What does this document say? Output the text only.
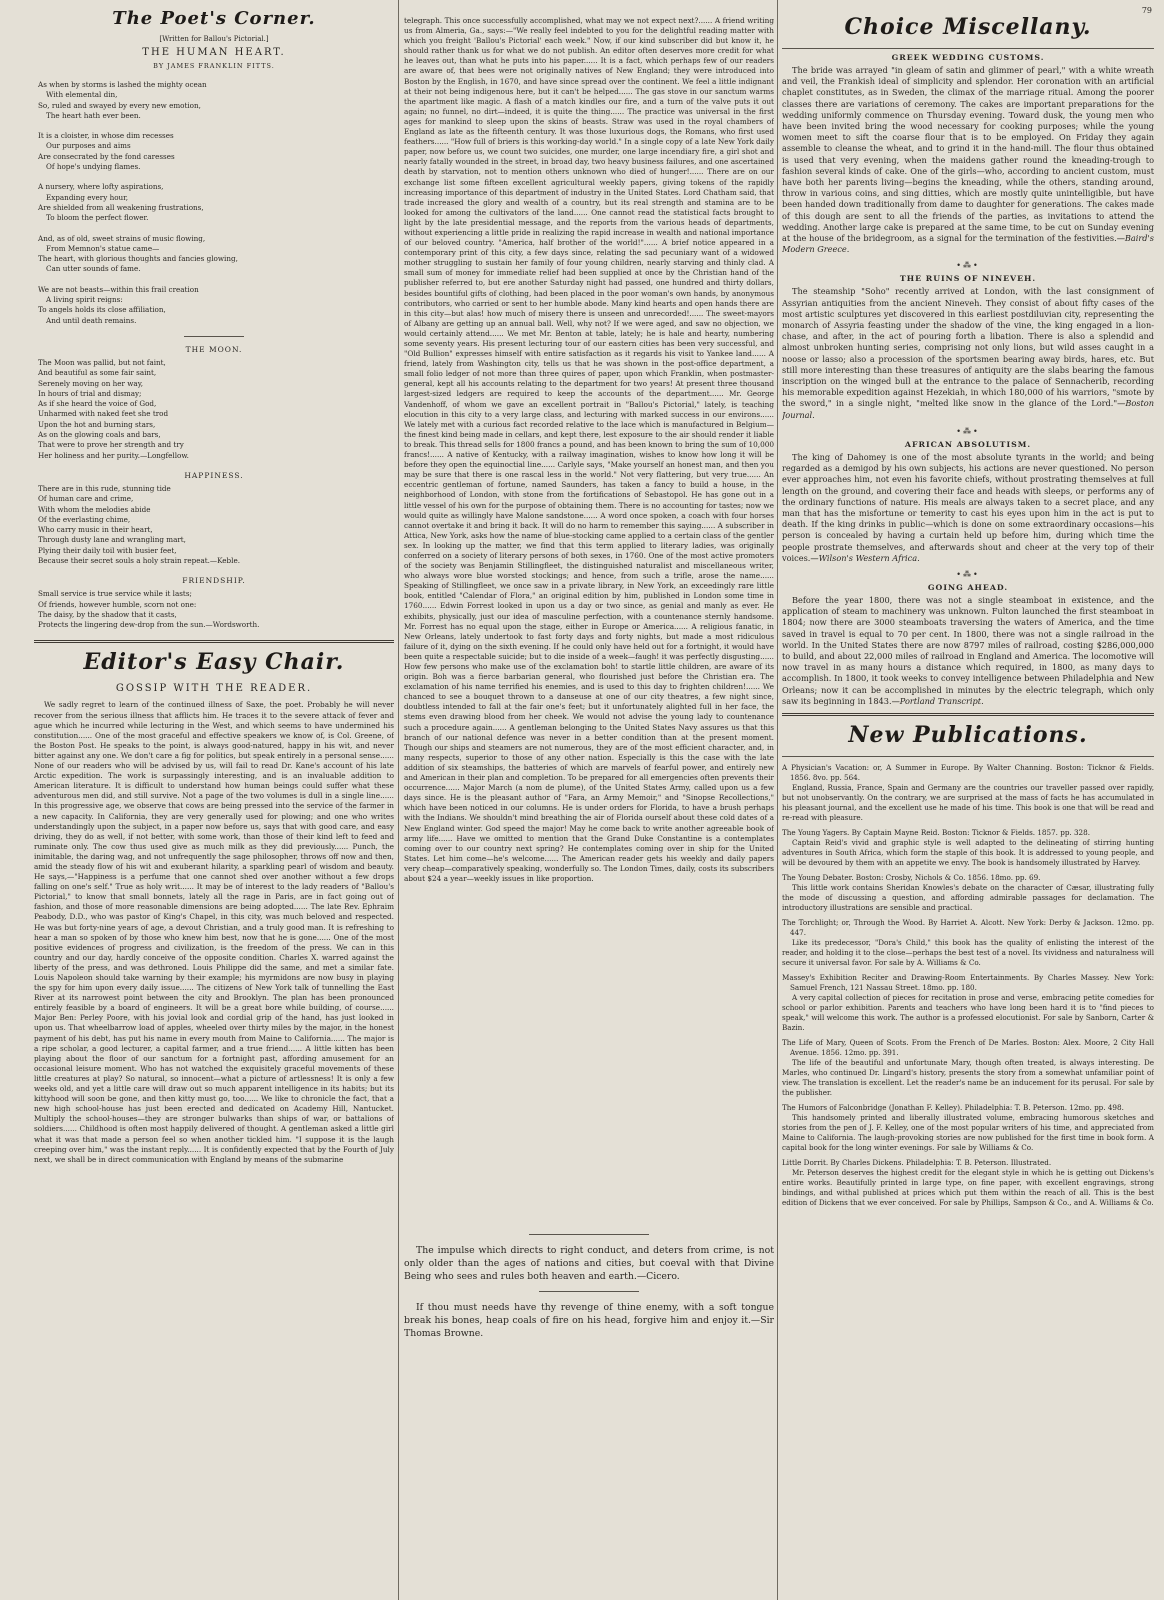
79
The Poet's Corner.
[Written for Ballou's Pictorial.]
THE HUMAN HEART.
BY JAMES FRANKLIN FITTS.
As when by storms is lashed the mighty ocean
With elemental din,
So, ruled and swayed by every new emotion,
The heart hath ever been.
It is a cloister, in whose dim recesses
Our purposes and aims
Are consecrated by the fond caresses
Of hope's undying flames.
A nursery, where lofty aspirations,
Expanding every hour,
Are shielded from all weakening frustrations,
To bloom the perfect flower.
And, as of old, sweet strains of music flowing,
From Memnon's statue came—
The heart, with glorious thoughts and fancies glowing,
Can utter sounds of fame.
We are not beasts—within this frail creation
A living spirit reigns:
To angels holds its close affiliation,
And until death remains.
THE MOON.
The Moon was pallid, but not faint,
And beautiful as some fair saint,
Serenely moving on her way,
In hours of trial and dismay;
As if she heard the voice of God,
Unharmed with naked feet she trod
Upon the hot and burning stars,
As on the glowing coals and bars,
That were to prove her strength and try
Her holiness and her purity.—Longfellow.
HAPPINESS.
There are in this rude, stunning tide
Of human care and crime,
With whom the melodies abide
Of the everlasting chime,
Who carry music in their heart,
Through dusty lane and wrangling mart,
Plying their daily toil with busier feet,
Because their secret souls a holy strain repeat.—Keble.
FRIENDSHIP.
Small service is true service while it lasts;
Of friends, however humble, scorn not one:
The daisy, by the shadow that it casts,
Protects the lingering dew-drop from the sun.—Wordsworth.
Editor's Easy Chair.
GOSSIP WITH THE READER.

We sadly regret to learn of the continued illness of Saxe, the poet. Probably he will never recover from the serious illness that afflicts him. He traces it to the severe attack of fever and ague which he incurred while lecturing in the West, and which seems to have undermined his constitution...... One of the most graceful and effective speakers we know of, is Col. Greene, of the Boston Post. He speaks to the point, is always good-natured, happy in his wit, and never bitter against any one. We don't care a fig for politics, but speak entirely in a personal sense...... None of our readers who will be advised by us, will fail to read Dr. Kane's account of his late Arctic expedition. The work is surpassingly interesting, and is an invaluable addition to American literature. It is difficult to understand how human beings could suffer what these adventurous men did, and still survive. Not a page of the two volumes is dull in a single line...... In this progressive age, we observe that cows are being pressed into the service of the farmer in a new capacity. In California, they are very generally used for plowing; and one who writes understandingly upon the subject, in a paper now before us, says that with good care, and easy driving, they do as well, if not better, with some work, than those of their kind left to feed and ruminate only. The cow thus used give as much milk as they did previously...... Punch, the inimitable, the daring wag, and not unfrequently the sage philosopher, throws off now and then, amid the steady flow of his wit and exuberant hilarity, a sparkling pearl of wisdom and beauty. He says,—"Happiness is a perfume that one cannot shed over another without a few drops falling on one's self." True as holy writ...... It may be of interest to the lady readers of "Ballou's Pictorial," to know that small bonnets, lately all the rage in Paris, are in fact going out of fashion, and those of more reasonable dimensions are being adopted...... The late Rev. Ephraim Peabody, D.D., who was pastor of King's Chapel, in this city, was much beloved and respected. He was but forty-nine years of age, a devout Christian, and a truly good man. It is refreshing to hear a man so spoken of by those who knew him best, now that he is gone...... One of the most positive evidences of progress and civilization, is the freedom of the press. We can in this country and our day, hardly conceive of the opposite condition. Charles X. warred against the liberty of the press, and was dethroned. Louis Philippe did the same, and met a similar fate. Louis Napoleon should take warning by their example; his myrmidons are now busy in playing the spy for him upon every daily issue...... The citizens of New York talk of tunnelling the East River at its narrowest point between the city and Brooklyn. The plan has been pronounced entirely feasible by a board of engineers. It will be a great bore while building, of course...... Major Ben: Perley Poore, with his jovial look and cordial grip of the hand, has just looked in upon us. That wheelbarrow load of apples, wheeled over thirty miles by the major, in the honest payment of his debt, has put his name in every mouth from Maine to California...... The major is a ripe scholar, a good lecturer, a capital farmer, and a true friend...... A little kitten has been playing about the floor of our sanctum for a fortnight past, affording amusement for an occasional leisure moment. Who has not watched the exquisitely graceful movements of these little creatures at play? So natural, so innocent—what a picture of artlessness! It is only a few weeks old, and yet a little care will draw out so much apparent intelligence in its habits; but its kittyhood will soon be gone, and then kitty must go, too...... We like to chronicle the fact, that a new high school-house has just been erected and dedicated on Academy Hill, Nantucket. Multiply the school-houses—they are stronger bulwarks than ships of war, or battalions of soldiers...... Childhood is often most happily delivered of thought. A gentleman asked a little girl what it was that made a person feel so when another tickled him. "I suppose it is the laugh creeping over him," was the instant reply...... It is confidently expected that by the Fourth of July next, we shall be in direct communication with England by means of the submarine

telegraph. This once successfully accomplished, what may we not expect next?...... A friend writing us from Almeria, Ga., says:—"We really feel indebted to you for the delightful reading matter with which you freight 'Ballou's Pictorial' each week." Now, if our kind subscriber did but know it, he should rather thank us for what we do not publish. An editor often deserves more credit for what he leaves out, than what he puts into his paper...... It is a fact, which perhaps few of our readers are aware of, that bees were not originally natives of New England; they were introduced into Boston by the English, in 1670, and have since spread over the continent. We feel a little indignant at their not being indigenous here, but it can't be helped...... The gas stove in our sanctum warms the apartment like magic. A flash of a match kindles our fire, and a turn of the valve puts it out again; no funnel, no dirt—indeed, it is quite the thing...... The practice was universal in the first ages for mankind to sleep upon the skins of beasts. Straw was used in the royal chambers of England as late as the fifteenth century. It was those luxurious dogs, the Romans, who first used feathers...... "How full of briers is this working-day world." In a single copy of a late New York daily paper, now before us, we count two suicides, one murder, one large incendiary fire, a girl shot and nearly fatally wounded in the street, in broad day, two heavy business failures, and one ascertained death by starvation, not to mention others unknown who died of hunger!...... There are on our exchange list some fifteen excellent agricultural weekly papers, giving tokens of the rapidly increasing importance of this department of industry in the United States. Lord Chatham said, that trade increased the glory and wealth of a country, but its real strength and stamina are to be looked for among the cultivators of the land...... One cannot read the statistical facts brought to light by the late presidential message, and the reports from the various heads of departments, without experiencing a little pride in realizing the rapid increase in wealth and national importance of our beloved country. "America, half brother of the world!"...... A brief notice appeared in a contemporary print of this city, a few days since, relating the sad pecuniary want of a widowed mother struggling to sustain her family of four young children, nearly starving and thinly clad. A small sum of money for immediate relief had been supplied at once by the Christian hand of the publisher referred to, but ere another Saturday night had passed, one hundred and thirty dollars, besides bountiful gifts of clothing, had been placed in the poor woman's own hands, by anonymous contributors, who carried or sent to her humble abode. Many kind hearts and open hands there are in this city—but alas! how much of misery there is unseen and unrecorded!...... The sweet-mayors of Albany are getting up an annual ball. Well, why not? If we were aged, and saw no objection, we would certainly attend...... We met Mr. Benton at table, lately; he is hale and hearty, numbering some seventy years. His present lecturing tour of our eastern cities has been very successful, and "Old Bullion" expresses himself with entire satisfaction as it regards his visit to Yankee land...... A friend, lately from Washington city, tells us that he was shown in the post-office department, a small folio ledger of not more than three quires of paper, upon which Franklin, when postmaster-general, kept all his accounts relating to the department for two years! At present three thousand largest-sized ledgers are required to keep the accounts of the department...... Mr. George Vandenhoff, of whom we gave an excellent portrait in "Ballou's Pictorial," lately, is teaching elocution in this city to a very large class, and lecturing with marked success in our environs...... We lately met with a curious fact recorded relative to the lace which is manufactured in Belgium—the finest kind being made in cellars, and kept there, lest exposure to the air should render it liable to break. This thread sells for 1800 francs a pound, and has been known to bring the sum of 10,000 francs!...... A native of Kentucky, with a railway imagination, wishes to know how long it will be before they open the equinoctial line...... Carlyle says, "Make yourself an honest man, and then you may be sure that there is one rascal less in the world." Not very flattering, but very true...... An eccentric gentleman of fortune, named Saunders, has taken a fancy to build a house, in the neighborhood of London, with stone from the fortifications of Sebastopol. He has gone out in a little vessel of his own for the purpose of obtaining them. There is no accounting for tastes; now we would quite as willingly have Malone sandstone...... A word once spoken, a coach with four horses cannot overtake it and bring it back. It will do no harm to remember this saying...... A subscriber in Attica, New York, asks how the name of blue-stocking came applied to a certain class of the gentler sex. In looking up the matter, we find that this term applied to literary ladies, was originally conferred on a society of literary persons of both sexes, in 1760. One of the most active promoters of the society was Benjamin Stillingfleet, the distinguished naturalist and miscellaneous writer, who always wore blue worsted stockings; and hence, from such a trifle, arose the name...... Speaking of Stillingfleet, we once saw in a private library, in New York, an exceedingly rare little book, entitled "Calendar of Flora," an original edition by him, published in London some time in 1760...... Edwin Forrest looked in upon us a day or two since, as genial and manly as ever. He exhibits, physically, just our idea of masculine perfection, with a countenance sternly handsome. Mr. Forrest has no equal upon the stage, either in Europe or America...... A religious fanatic, in New Orleans, lately undertook to fast forty days and forty nights, but made a most ridiculous failure of it, dying on the sixth evening. If he could only have held out for a fortnight, it would have been quite a respectable suicide; but to die inside of a week—faugh! it was perfectly disgusting...... How few persons who make use of the exclamation boh! to startle little children, are aware of its origin. Boh was a fierce barbarian general, who flourished just before the Christian era. The exclamation of his name terrified his enemies, and is used to this day to frighten children!...... We chanced to see a bouquet thrown to a danseuse at one of our city theatres, a few night since, doubtless intended to fall at the fair one's feet; but it unfortunately alighted full in her face, the stems even drawing blood from her cheek. We would not advise the young lady to countenance such a procedure again...... A gentleman belonging to the United States Navy assures us that this branch of our national defence was never in a better condition than at the present moment. Though our ships and steamers are not numerous, they are of the most efficient character, and, in many respects, superior to those of any other nation. Especially is this the case with the late addition of six steamships, the batteries of which are marvels of fearful power, and entirely new and American in their plan and completion. To be prepared for all emergencies often prevents their occurrence...... Major March (a nom de plume), of the United States Army, called upon us a few days since. He is the pleasant author of "Fara, an Army Memoir," and "Sinopse Recollections," which have been noticed in our columns. He is under orders for Florida, to have a brush perhaps with the Indians. We shouldn't mind breathing the air of Florida ourself about these cold dates of a New England winter. God speed the major! May he come back to write another agreeable book of army life...... Have we omitted to mention that the Grand Duke Constantine is a contemplates coming over to our country next spring? He contemplates coming over in ship for the United States. Let him come—he's welcome...... The American reader gets his weekly and daily papers very cheap—comparatively speaking, wonderfully so. The London Times, daily, costs its subscribers about $24 a year—weekly issues in like proportion.

The impulse which directs to right conduct, and deters from crime, is not only older than the ages of nations and cities, but coeval with that Divine Being who sees and rules both heaven and earth.—Cicero.

If thou must needs have thy revenge of thine enemy, with a soft tongue break his bones, heap coals of fire on his head, forgive him and enjoy it.—Sir Thomas Browne.

Choice Miscellany.
GREEK WEDDING CUSTOMS.

The bride was arrayed "in gleam of satin and glimmer of pearl," with a white wreath and veil, the Frankish ideal of simplicity and splendor. Her coronation with an artificial chaplet constitutes, as in Sweden, the climax of the marriage ritual. Among the poorer classes there are variations of ceremony. The cakes are important preparations for the wedding uniformly commence on Thursday evening. Toward dusk, the young men who have been invited bring the wood necessary for cooking purposes; while the young women meet to sift the coarse flour that is to be employed. On Friday they again assemble to cleanse the wheat, and to grind it in the hand-mill. The flour thus obtained is used that very evening, when the maidens gather round the kneading-trough to fashion several kinds of cake. One of the girls—who, according to ancient custom, must have both her parents living—begins the kneading, while the others, standing around, throw in various coins, and sing ditties, which are mostly quite unintelligible, but have been handed down traditionally from dame to daughter for generations. The cakes made of this dough are sent to all the friends of the parties, as invitations to attend the wedding. Another large cake is prepared at the same time, to be cut on Sunday evening at the house of the bridegroom, as a signal for the termination of the festivities.—Baird's Modern Greece.

•⁂•
THE RUINS OF NINEVEH.

The steamship "Soho" recently arrived at London, with the last consignment of Assyrian antiquities from the ancient Nineveh. They consist of about fifty cases of the most artistic sculptures yet discovered in this earliest postdiluvian city, representing the monarch of Assyria feasting under the shadow of the vine, the king engaged in a lion-chase, and after, in the act of pouring forth a libation. There is also a splendid and almost unbroken hunting series, comprising not only lions, but wild asses caught in a noose or lasso; also a procession of the sportsmen bearing away birds, hares, etc. But still more interesting than these treasures of antiquity are the slabs bearing the famous inscription on the winged bull at the entrance to the palace of Sennacherib, recording his memorable expedition against Hezekiah, in which 180,000 of his warriors, "smote by the sword," in a single night, "melted like snow in the glance of the Lord."—Boston Journal.

•⁂•
AFRICAN ABSOLUTISM.

The king of Dahomey is one of the most absolute tyrants in the world; and being regarded as a demigod by his own subjects, his actions are never questioned. No person ever approaches him, not even his favorite chiefs, without prostrating themselves at full length on the ground, and covering their face and heads with sleeps, or performs any of the ordinary functions of nature. His meals are always taken to a secret place, and any man that has the misfortune or temerity to cast his eyes upon him in the act is put to death. If the king drinks in public—which is done on some extraordinary occasions—his person is concealed by having a curtain held up before him, during which time the people prostrate themselves, and afterwards shout and cheer at the very top of their voices.—Wilson's Western Africa.

•⁂•
GOING AHEAD.

Before the year 1800, there was not a single steamboat in existence, and the application of steam to machinery was unknown. Fulton launched the first steamboat in 1804; now there are 3000 steamboats traversing the waters of America, and the time saved in travel is equal to 70 per cent. In 1800, there was not a single railroad in the world. In the United States there are now 8797 miles of railroad, costing $286,000,000 to build, and about 22,000 miles of railroad in England and America. The locomotive will now travel in as many hours a distance which required, in 1800, as many days to accomplish. In 1800, it took weeks to convey intelligence between Philadelphia and New Orleans; now it can be accomplished in minutes by the electric telegraph, which only saw its beginning in 1843.—Portland Transcript.

New Publications.

A Physician's Vacation: or, A Summer in Europe. By Walter Channing. Boston: Ticknor & Fields. 1856. 8vo. pp. 564.

England, Russia, France, Spain and Germany are the countries our traveller passed over rapidly, but not unobservantly. On the contrary, we are surprised at the mass of facts he has accumulated in his pleasant journal, and the excellent use he made of his time. This book is one that will be read and re-read with pleasure.

The Young Yagers. By Captain Mayne Reid. Boston: Ticknor & Fields. 1857. pp. 328.

Captain Reid's vivid and graphic style is well adapted to the delineating of stirring hunting adventures in South Africa, which form the staple of this book. It is addressed to young people, and will be devoured by them with an appetite we envy. The book is handsomely illustrated by Harvey.

The Young Debater. Boston: Crosby, Nichols & Co. 1856. 18mo. pp. 69.

This little work contains Sheridan Knowles's debate on the character of Cæsar, illustrating fully the mode of discussing a question, and affording admirable passages for declamation. The introductory illustrations are sensible and practical.

The Torchlight; or, Through the Wood. By Harriet A. Alcott. New York: Derby & Jackson. 12mo. pp. 447.

Like its predecessor, "Dora's Child," this book has the quality of enlisting the interest of the reader, and holding it to the close—perhaps the best test of a novel. Its vividness and naturalness will secure it universal favor. For sale by A. Williams & Co.

Massey's Exhibition Reciter and Drawing-Room Entertainments. By Charles Massey. New York: Samuel French, 121 Nassau Street. 18mo. pp. 180.

A very capital collection of pieces for recitation in prose and verse, embracing petite comedies for school or parlor exhibition. Parents and teachers who have long been hard it is to "find pieces to speak," will welcome this work. The author is a professed elocutionist. For sale by Sanborn, Carter & Bazin.

The Life of Mary, Queen of Scots. From the French of De Marles. Boston: Alex. Moore, 2 City Hall Avenue. 1856. 12mo. pp. 391.

The life of the beautiful and unfortunate Mary, though often treated, is always interesting. De Marles, who continued Dr. Lingard's history, presents the story from a somewhat unfamiliar point of view. The translation is excellent. Let the reader's name be an inducement for its perusal. For sale by the publisher.

The Humors of Falconbridge (Jonathan F. Kelley). Philadelphia: T. B. Peterson. 12mo. pp. 498.

This handsomely printed and liberally illustrated volume, embracing humorous sketches and stories from the pen of J. F. Kelley, one of the most popular writers of his time, and appreciated from Maine to California. The laugh-provoking stories are now published for the first time in book form. A capital book for the long winter evenings. For sale by Williams & Co.

Little Dorrit. By Charles Dickens. Philadelphia: T. B. Peterson. Illustrated.

Mr. Peterson deserves the highest credit for the elegant style in which he is getting out Dickens's entire works. Beautifully printed in large type, on fine paper, with excellent engravings, strong bindings, and withal published at prices which put them within the reach of all. This is the best edition of Dickens that we ever conceived. For sale by Phillips, Sampson & Co., and A. Williams & Co.
